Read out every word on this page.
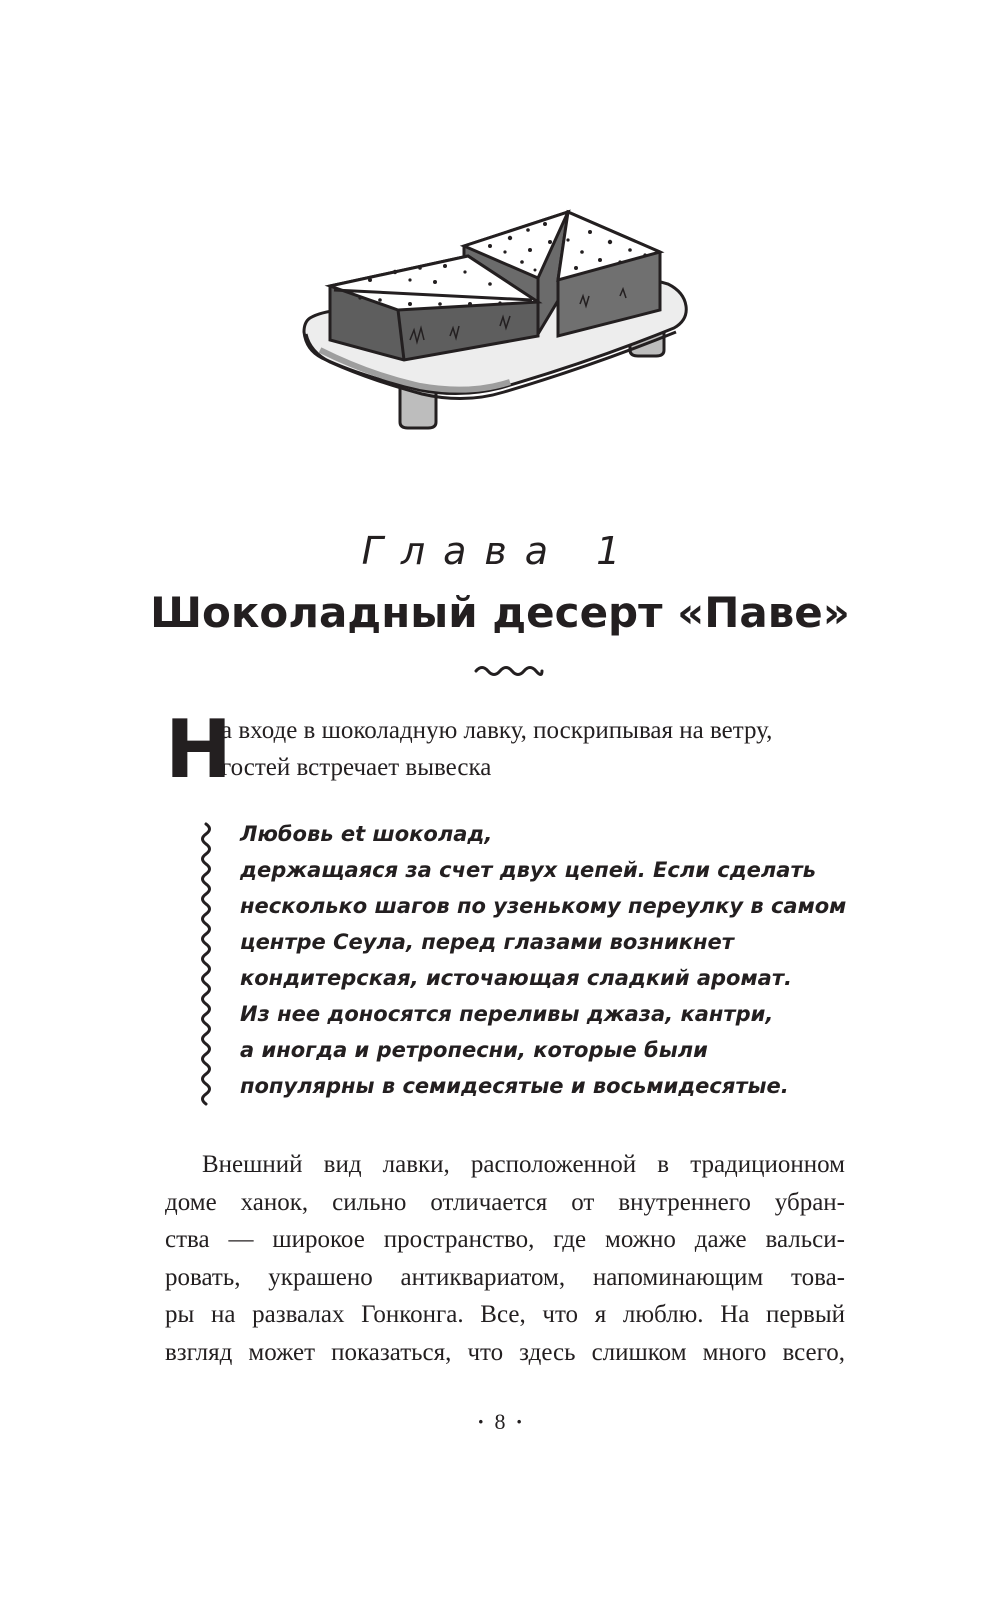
Глава 1
Шоколадный десерт «Паве»
Н
а входе в шоколадную лавку, поскрипывая на ветру,
гостей встречает вывеска
Любовь et шоколад,
держащаяся за счет двух цепей. Если сделать
несколько шагов по узенькому переулку в самом
центре Сеула, перед глазами возникнет
кондитерская, источающая сладкий аромат.
Из нее доносятся переливы джаза, кантри,
а иногда и ретропесни, которые были
популярны в семидесятые и восьмидесятые.
Внешний вид лавки, расположенной в традиционном
доме ханок, сильно отличается от внутреннего убран-
ства — широкое пространство, где можно даже вальси-
ровать, украшено антиквариатом, напоминающим това-
ры на развалах Гонконга. Все, что я люблю. На первый
взгляд может показаться, что здесь слишком много всего,
· 8 ·
